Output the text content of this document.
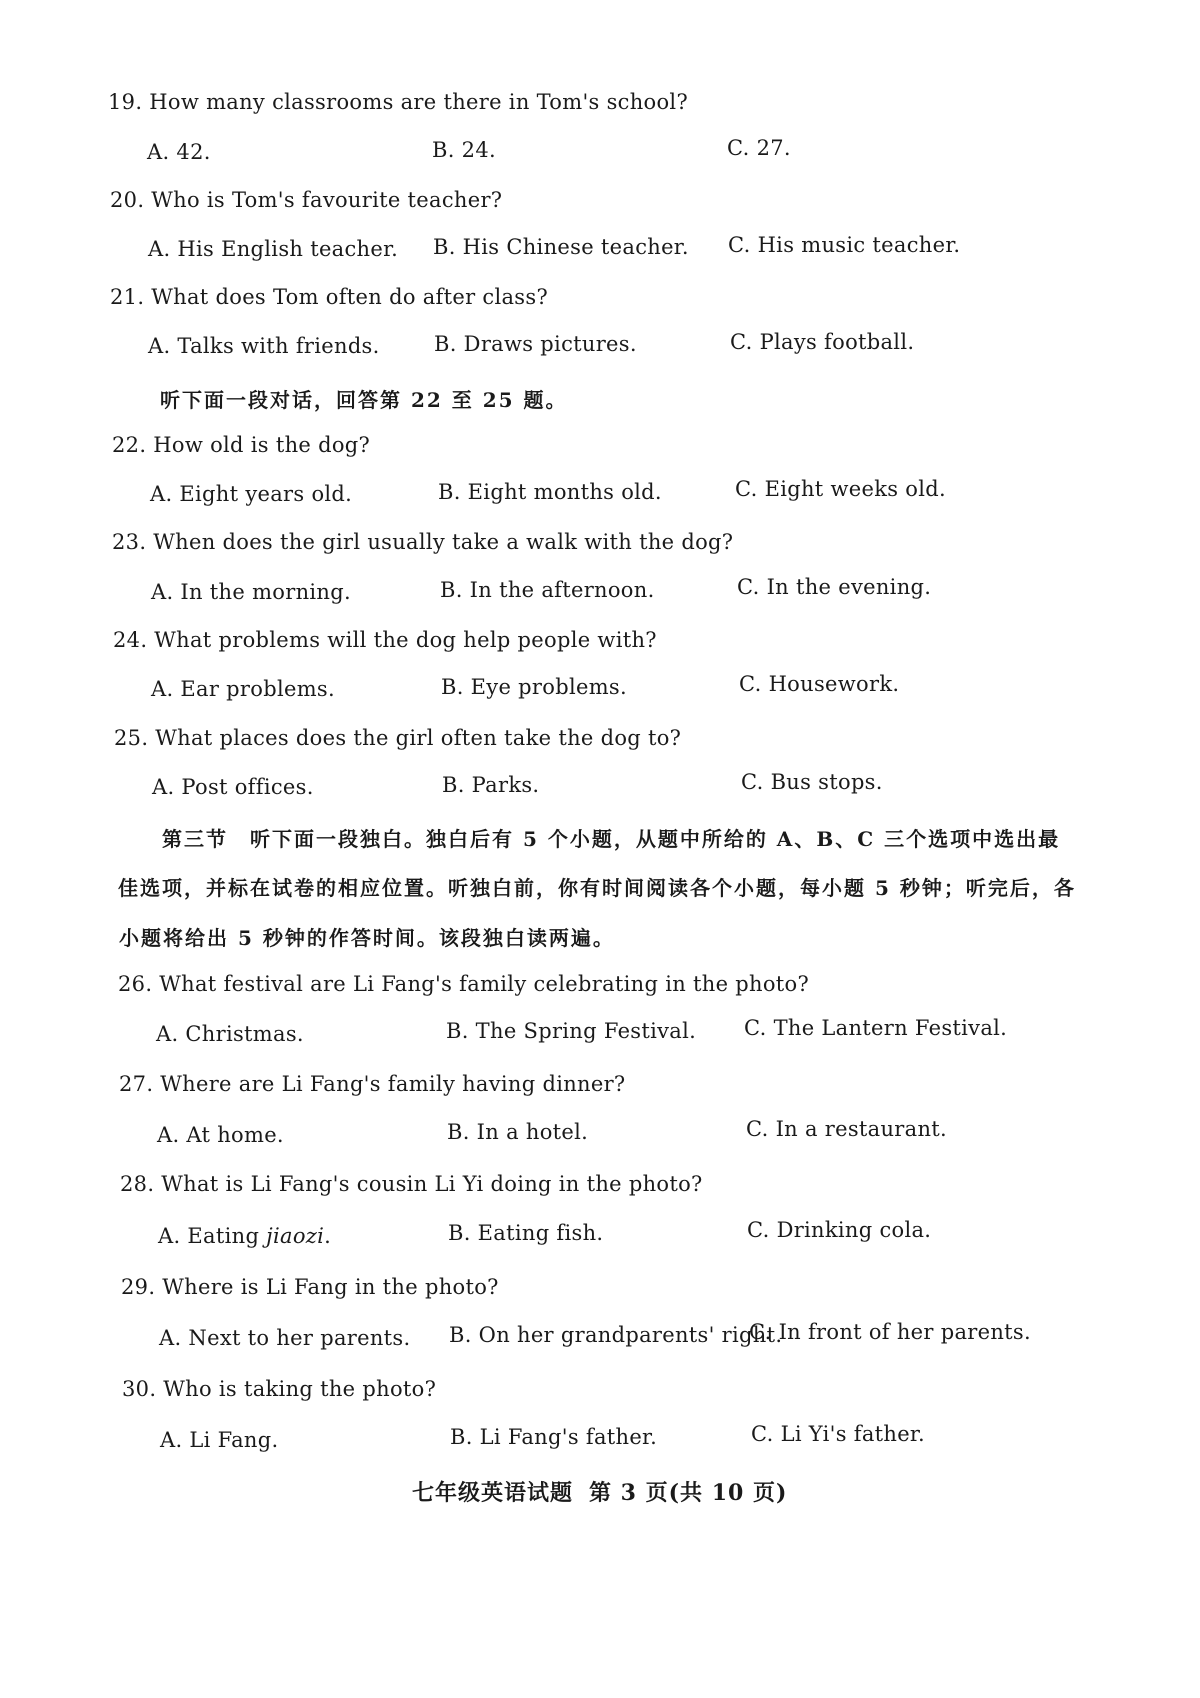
19. How many classrooms are there in Tom's school?
A. 42.	B. 24.	C. 27.
20. Who is Tom's favourite teacher?
A. His English teacher. B. His Chinese teacher. C. His music teacher.
21. What does Tom often do after class?
A. Talks with friends.	B. Draws pictures.	C. Plays football.
听下面一段对话，回答第 22 至 25 题。
22. How old is the dog?
A. Eight years old.	B. Eight months old.	C. Eight weeks old.
23. When does the girl usually take a walk with the dog?
A. In the morning.	B. In the afternoon.	C. In the evening.
24. What problems will the dog help people with?
A. Ear problems.	B. Eye problems.	C. Housework.
25. What places does the girl often take the dog to?
A. Post offices.	B. Parks.	C. Bus stops.
第三节　听下面一段独白。独白后有 5 个小题，从题中所给的 A、B、C 三个选项中选出最
佳选项，并标在试卷的相应位置。听独白前，你有时间阅读各个小题，每小题 5 秒钟；听完后，各
小题将给出 5 秒钟的作答时间。该段独白读两遍。
26. What festival are Li Fang's family celebrating in the photo?
A. Christmas.	B. The Spring Festival. C. The Lantern Festival.
27. Where are Li Fang's family having dinner?
A. At home.	B. In a hotel.	C. In a restaurant.
28. What is Li Fang's cousin Li Yi doing in the photo?
A. Eating jiaozi.	B. Eating fish.	C. Drinking cola.
29. Where is Li Fang in the photo?
A. Next to her parents. B. On her grandparents' right.
C. In front of her parents.
30. Who is taking the photo?
A. Li Fang.	B. Li Fang's father.	C. Li Yi's father.
七年级英语试题 第 3 页(共 10 页)
